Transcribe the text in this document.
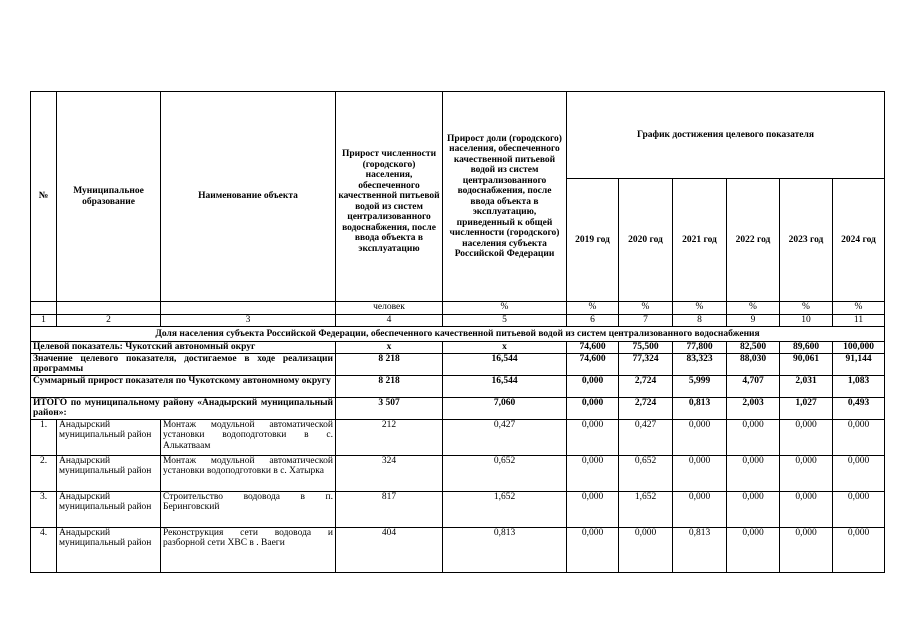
№	Муниципальное образование	Наименование объекта	Прирост численности (городского) населения, обеспеченного качественной питьевой водой из систем централизованного водоснабжения, после ввода объекта в эксплуатацию	Прирост доли (городского) населения, обеспеченного качественной питьевой водой из систем централизованного водоснабжения, после ввода объекта в эксплуатацию, приведенный к общей численности (городского) населения субъекта Российской Федерации	График достижения целевого показателя					
					2019 год	2020 год	2021 год	2022 год	2023 год	2024 год
			человек	%	%	%	%	%	%	%
1	2	3	4	5	6	7	8	9	10	11
Доля населения субъекта Российской Федерации, обеспеченного качественной питьевой водой из систем централизованного водоснабжения										
Целевой показатель: Чукотский автономный округ			x	x	74,600	75,500	77,800	82,500	89,600	100,000
Значение целевого показателя, достигаемое в ходе реализации программы			8 218	16,544	74,600	77,324	83,323	88,030	90,061	91,144
Суммарный прирост показателя по Чукотскому автономному округу			8 218	16,544	0,000	2,724	5,999	4,707	2,031	1,083
ИТОГО по муниципальному району «Анадырский муниципальный район»:			3 507	7,060	0,000	2,724	0,813	2,003	1,027	0,493
1.	Анадырский муниципальный район	Монтаж модульной автоматической установки водоподготовки в с. Алькатваам	212	0,427	0,000	0,427	0,000	0,000	0,000	0,000
2.	Анадырский муниципальный район	Монтаж модульной автоматической установки водоподготовки в с. Хатырка	324	0,652	0,000	0,652	0,000	0,000	0,000	0,000
3.	Анадырский муниципальный район	Строительство водовода в п. Беринговский	817	1,652	0,000	1,652	0,000	0,000	0,000	0,000
4.	Анадырский муниципальный район	Реконструкция сети водовода и разборной сети ХВС в . Ваеги	404	0,813	0,000	0,000	0,813	0,000	0,000	0,000
